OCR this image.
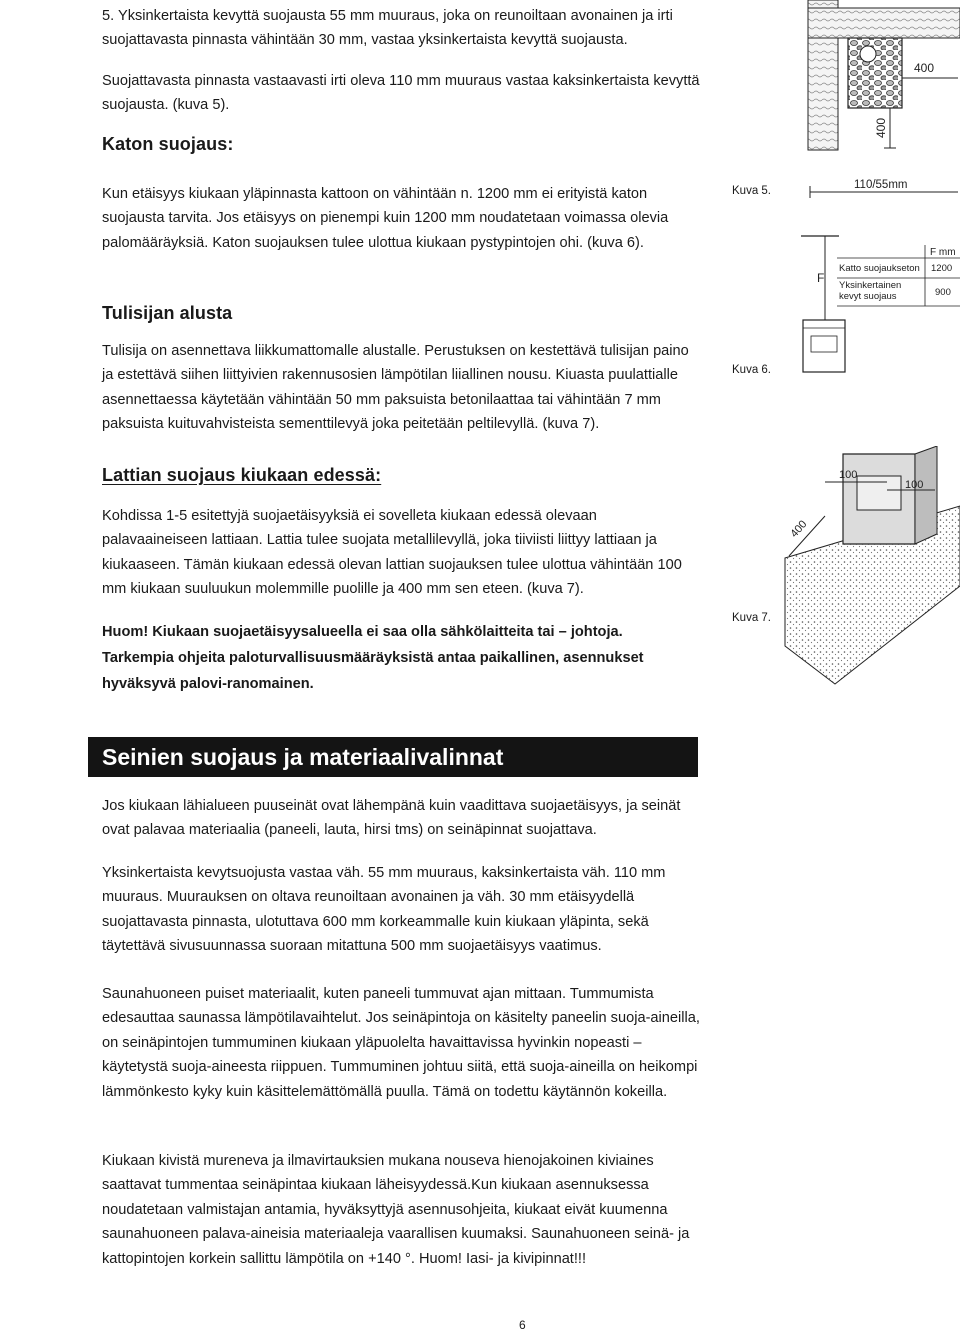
5. Yksinkertaista kevyttä suojausta 55 mm muuraus, joka on reunoiltaan avonainen ja irti suojattavasta pinnasta vähintään 30 mm, vastaa yksinkertaista kevyttä suojausta.

Suojattavasta pinnasta vastaavasti irti oleva 110 mm muuraus vastaa kaksinkertaista kevyttä suojausta. (kuva 5).

Katon suojaus:

Kun etäisyys kiukaan yläpinnasta kattoon on vähintään n. 1200 mm ei erityistä katon suojausta tarvita. Jos etäisyys on pienempi kuin 1200 mm noudatetaan voimassa olevia palomääräyksiä. Katon suojauksen tulee ulottua kiukaan pystypintojen ohi. (kuva 6).

Tulisijan alusta

Tulisija on asennettava liikkumattomalle alustalle. Perustuksen on kestettävä tulisijan paino ja estettävä siihen liittyivien rakennusosien lämpötilan liiallinen nousu. Kiuasta puulattialle asennettaessa käytetään vähintään 50 mm paksuista betonilaattaa tai vähintään 7 mm paksuista kuituvahvisteista sementtilevyä joka peitetään peltilevyllä. (kuva 7).

Lattian suojaus kiukaan edessä:

Kohdissa 1-5 esitettyjä suojaetäisyyksiä ei sovelleta kiukaan edessä olevaan palavaaineiseen lattiaan. Lattia tulee suojata metallilevyllä, joka tiiviisti liittyy lattiaan ja kiukaaseen. Tämän kiukaan edessä olevan lattian suojauksen tulee ulottua vähintään 100 mm kiukaan suuluukun molemmille puolille ja 400 mm sen eteen. (kuva 7).

Huom! Kiukaan suojaetäisyysalueella ei saa olla sähkölaitteita tai – johtoja. Tarkempia ohjeita paloturvallisuusmääräyksistä antaa paikallinen, asennukset hyväksyvä palovi-ranomainen.

Seinien suojaus ja materiaalivalinnat

Jos kiukaan lähialueen puuseinät ovat lähempänä kuin vaadittava suojaetäisyys, ja seinät ovat palavaa materiaalia (paneeli, lauta, hirsi tms) on seinäpinnat suojattava.

Yksinkertaista kevytsuojusta vastaa väh. 55 mm muuraus, kaksinkertaista väh. 110 mm muuraus. Muurauksen on oltava reunoiltaan avonainen ja väh. 30 mm etäisyydellä suojattavasta pinnasta, ulotuttava 600 mm korkeammalle kuin kiukaan yläpinta, sekä täytettävä sivusuunnassa suoraan mitattuna 500 mm suojaetäisyys vaatimus.

Saunahuoneen puiset materiaalit, kuten paneeli tummuvat ajan mittaan. Tummumista edesauttaa saunassa lämpötilavaihtelut. Jos seinäpintoja on käsitelty paneelin suoja-aineilla, on seinäpintojen tummuminen kiukaan yläpuolelta havaittavissa hyvinkin nopeasti – käytetystä suoja-aineesta riippuen. Tummuminen johtuu siitä, että suoja-aineilla on heikompi lämmönkesto kyky kuin käsittelemättömällä puulla. Tämä on todettu käytännön kokeilla.

Kiukaan kivistä mureneva ja ilmavirtauksien mukana nouseva hienojakoinen kiviaines saattavat tummentaa seinäpintaa kiukaan läheisyydessä.Kun kiukaan asennuksessa noudatetaan valmistajan antamia, hyväksyttyjä asennusohjeita, kiukaat eivät kuumenna saunahuoneen palava-aineisia materiaaleja vaarallisen kuumaksi. Saunahuoneen seinä- ja kattopintojen korkein sallittu lämpötila on +140 °. Huom! Iasi- ja kivipinnat!!!

6
Kuva 5.
Kuva 6.
Kuva 7.
400
400
110/55mm
F
F mm
Katto suojaukseton 1200
Yksinkertainen
kevyt suojaus	900
100
100
400
